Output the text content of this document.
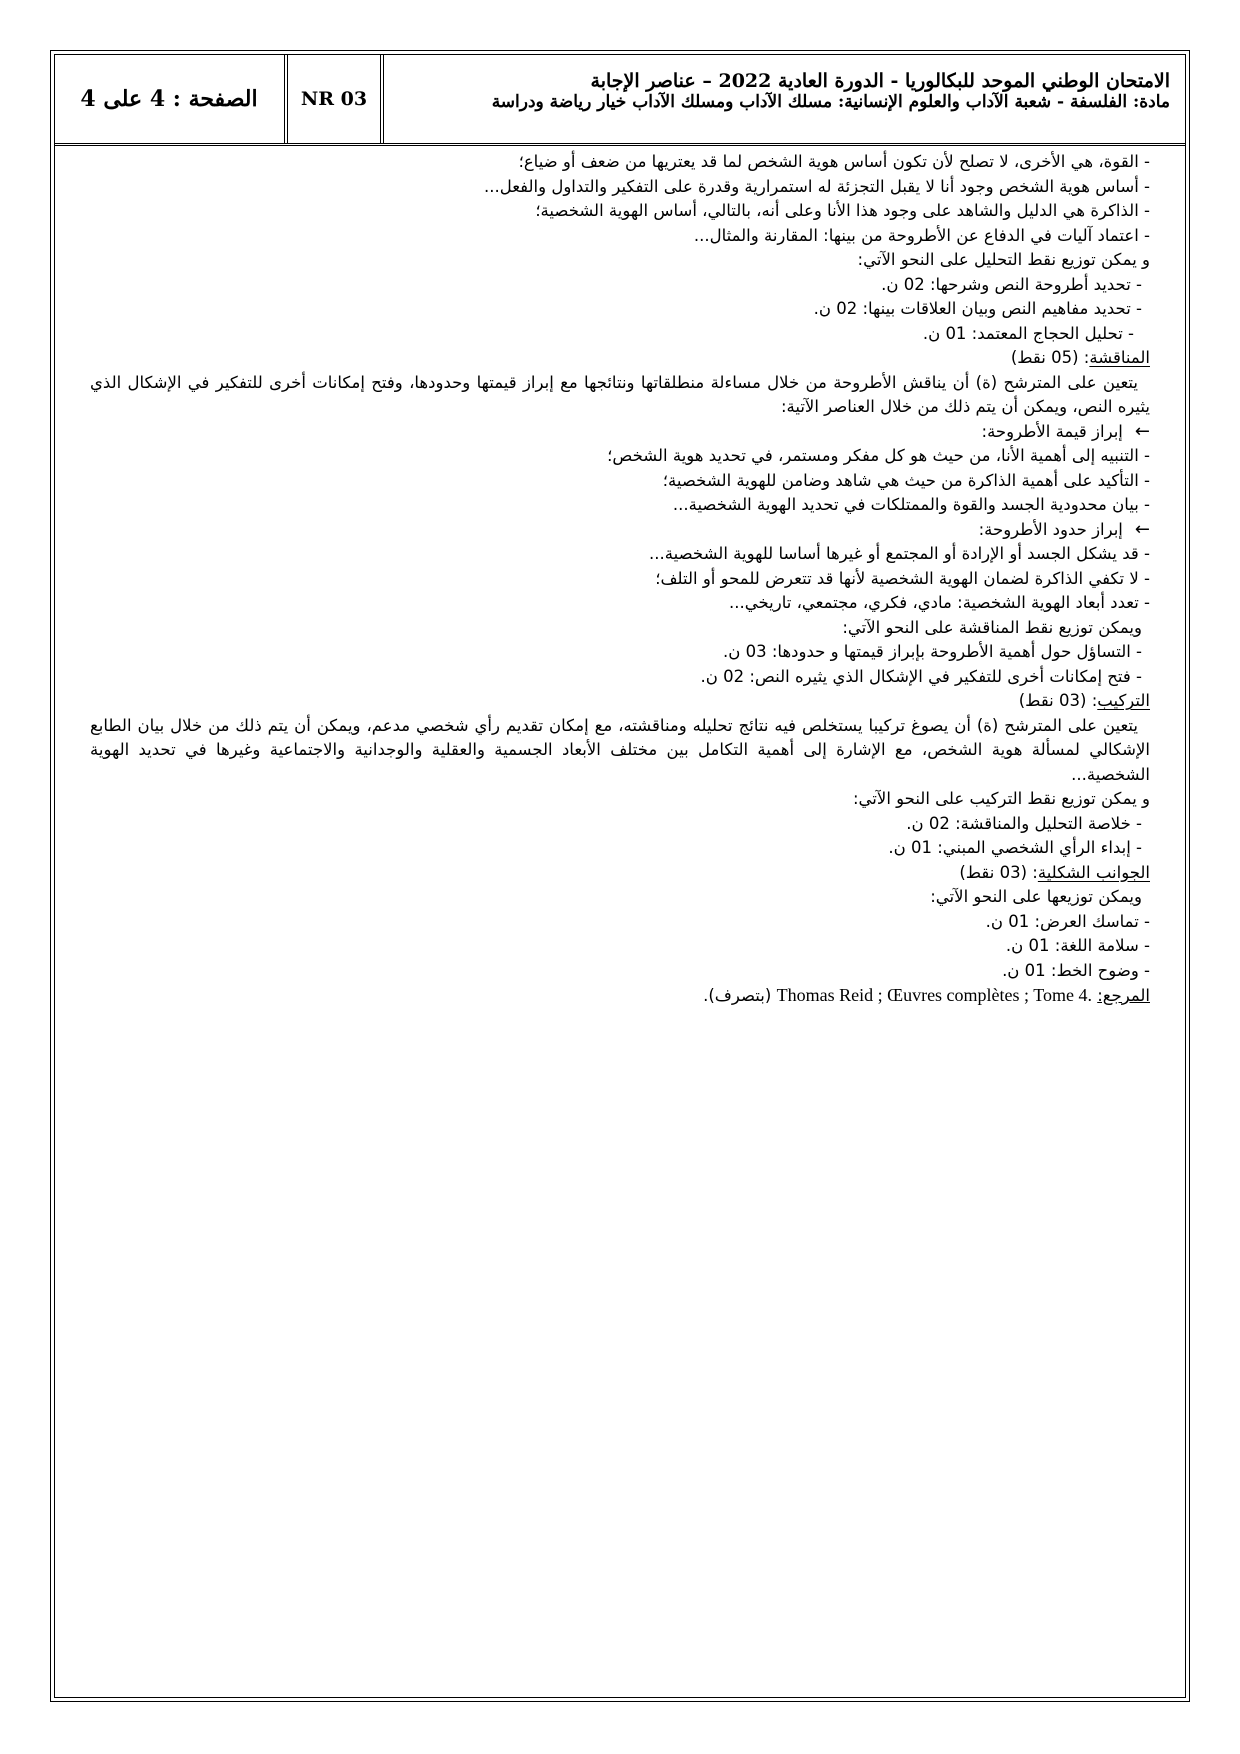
الصفحة : 4 على 4	NR 03
الامتحان الوطني الموحد للبكالوريا - الدورة العادية 2022 – عناصر الإجابة
مادة: الفلسفة - شعبة الآداب والعلوم الإنسانية: مسلك الآداب ومسلك الآداب خيار رياضة ودراسة
- القوة، هي الأخرى، لا تصلح لأن تكون أساس هوية الشخص لما قد يعتريها من ضعف أو ضياع؛
- أساس هوية الشخص وجود أنا لا يقبل التجزئة له استمرارية وقدرة على التفكير والتداول والفعل...
- الذاكرة هي الدليل والشاهد على وجود هذا الأنا وعلى أنه، بالتالي، أساس الهوية الشخصية؛
- اعتماد آليات في الدفاع عن الأطروحة من بينها: المقارنة والمثال...
و يمكن توزيع نقط التحليل على النحو الآتي:
- تحديد أطروحة النص وشرحها: 02 ن.
- تحديد مفاهيم النص وبيان العلاقات بينها: 02 ن.
- تحليل الحجاج المعتمد: 01 ن.
المناقشة: (05 نقط)
يتعين على المترشح (ة) أن يناقش الأطروحة من خلال مساءلة منطلقاتها ونتائجها مع إبراز قيمتها وحدودها، وفتح إمكانات أخرى للتفكير في الإشكال الذي يثيره النص، ويمكن أن يتم ذلك من خلال العناصر الآتية:
←إبراز قيمة الأطروحة:
- التنبيه إلى أهمية الأنا، من حيث هو كل مفكر ومستمر، في تحديد هوية الشخص؛
- التأكيد على أهمية الذاكرة من حيث هي شاهد وضامن للهوية الشخصية؛
- بيان محدودية الجسد والقوة والممتلكات في تحديد الهوية الشخصية...
←إبراز حدود الأطروحة:
- قد يشكل الجسد أو الإرادة أو المجتمع أو غيرها أساسا للهوية الشخصية...
- لا تكفي الذاكرة لضمان الهوية الشخصية لأنها قد تتعرض للمحو أو التلف؛
- تعدد أبعاد الهوية الشخصية: مادي، فكري، مجتمعي، تاريخي...
ويمكن توزيع نقط المناقشة على النحو الآتي:
- التساؤل حول أهمية الأطروحة بإبراز قيمتها و حدودها: 03 ن.
- فتح إمكانات أخرى للتفكير في الإشكال الذي يثيره النص: 02 ن.
التركيب: (03 نقط)
يتعين على المترشح (ة) أن يصوغ تركيبا يستخلص فيه نتائج تحليله ومناقشته، مع إمكان تقديم رأي شخصي مدعم، ويمكن أن يتم ذلك من خلال بيان الطابع الإشكالي لمسألة هوية الشخص، مع الإشارة إلى أهمية التكامل بين مختلف الأبعاد الجسمية والعقلية والوجدانية والاجتماعية وغيرها في تحديد الهوية الشخصية...
و يمكن توزيع نقط التركيب على النحو الآتي:
- خلاصة التحليل والمناقشة: 02 ن.
- إبداء الرأي الشخصي المبني: 01 ن.
الجوانب الشكلية: (03 نقط)
ويمكن توزيعها على النحو الآتي:
- تماسك العرض: 01 ن.
- سلامة اللغة: 01 ن.
- وضوح الخط: 01 ن.
المرجع: Thomas Reid ; Œuvres complètes ; Tome 4. (بتصرف).
